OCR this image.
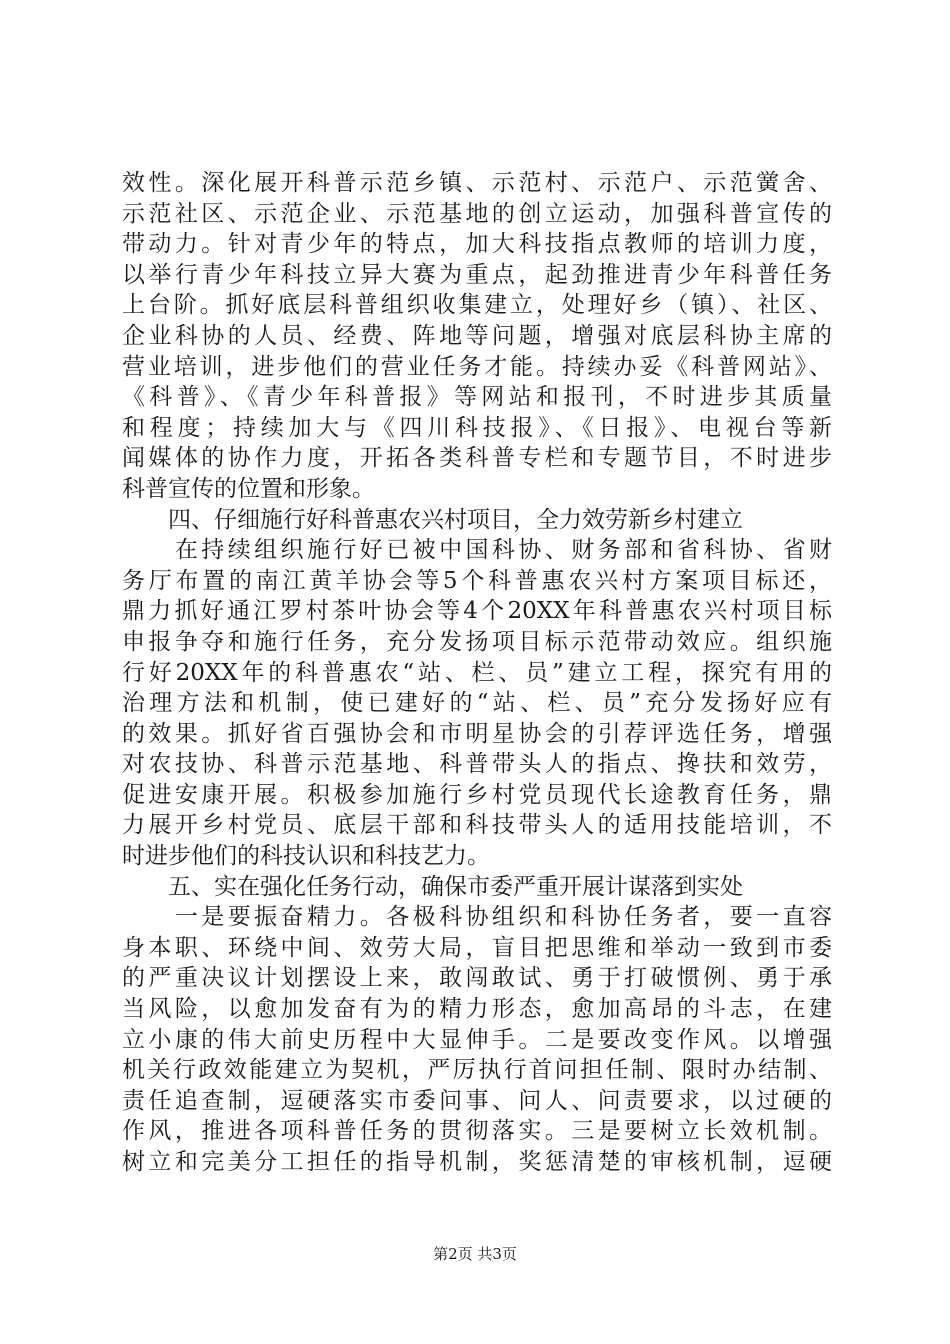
效性。深化展开科普示范乡镇、示范村、示范户、示范黉舍、
示范社区、示范企业、示范基地的创立运动，加强科普宣传的
带动力。针对青少年的特点，加大科技指点教师的培训力度，
以举行青少年科技立异大赛为重点，起劲推进青少年科普任务
上台阶。抓好底层科普组织收集建立，处理好乡（镇）、社区、
企业科协的人员、经费、阵地等问题，增强对底层科协主席的
营业培训，进步他们的营业任务才能。持续办妥《科普网站》、
《科普》、《青少年科普报》等网站和报刊，不时进步其质量
和程度；持续加大与《四川科技报》、《日报》、电视台等新
闻媒体的协作力度，开拓各类科普专栏和专题节目，不时进步
科普宣传的位置和形象。
　　四、仔细施行好科普惠农兴村项目，全力效劳新乡村建立
　　在持续组织施行好已被中国科协、财务部和省科协、省财
务厅布置的南江黄羊协会等5个科普惠农兴村方案项目标还，
鼎力抓好通江罗村茶叶协会等4个20XX年科普惠农兴村项目标
申报争夺和施行任务，充分发扬项目标示范带动效应。组织施
行好20XX年的科普惠农“站、栏、员”建立工程，探究有用的
治理方法和机制，使已建好的“站、栏、员”充分发扬好应有
的效果。抓好省百强协会和市明星协会的引荐评选任务，增强
对农技协、科普示范基地、科普带头人的指点、搀扶和效劳，
促进安康开展。积极参加施行乡村党员现代长途教育任务，鼎
力展开乡村党员、底层干部和科技带头人的适用技能培训，不
时进步他们的科技认识和科技艺力。
　　五、实在强化任务行动，确保市委严重开展计谋落到实处
　　一是要振奋精力。各极科协组织和科协任务者，要一直容
身本职、环绕中间、效劳大局，盲目把思维和举动一致到市委
的严重决议计划摆设上来，敢闯敢试、勇于打破惯例、勇于承
当风险，以愈加发奋有为的精力形态，愈加高昂的斗志，在建
立小康的伟大前史历程中大显伸手。二是要改变作风。以增强
机关行政效能建立为契机，严厉执行首问担任制、限时办结制、
责任追查制，逗硬落实市委问事、问人、问责要求，以过硬的
作风，推进各项科普任务的贯彻落实。三是要树立长效机制。
树立和完美分工担任的指导机制，奖惩清楚的审核机制，逗硬
第2页 共3页
